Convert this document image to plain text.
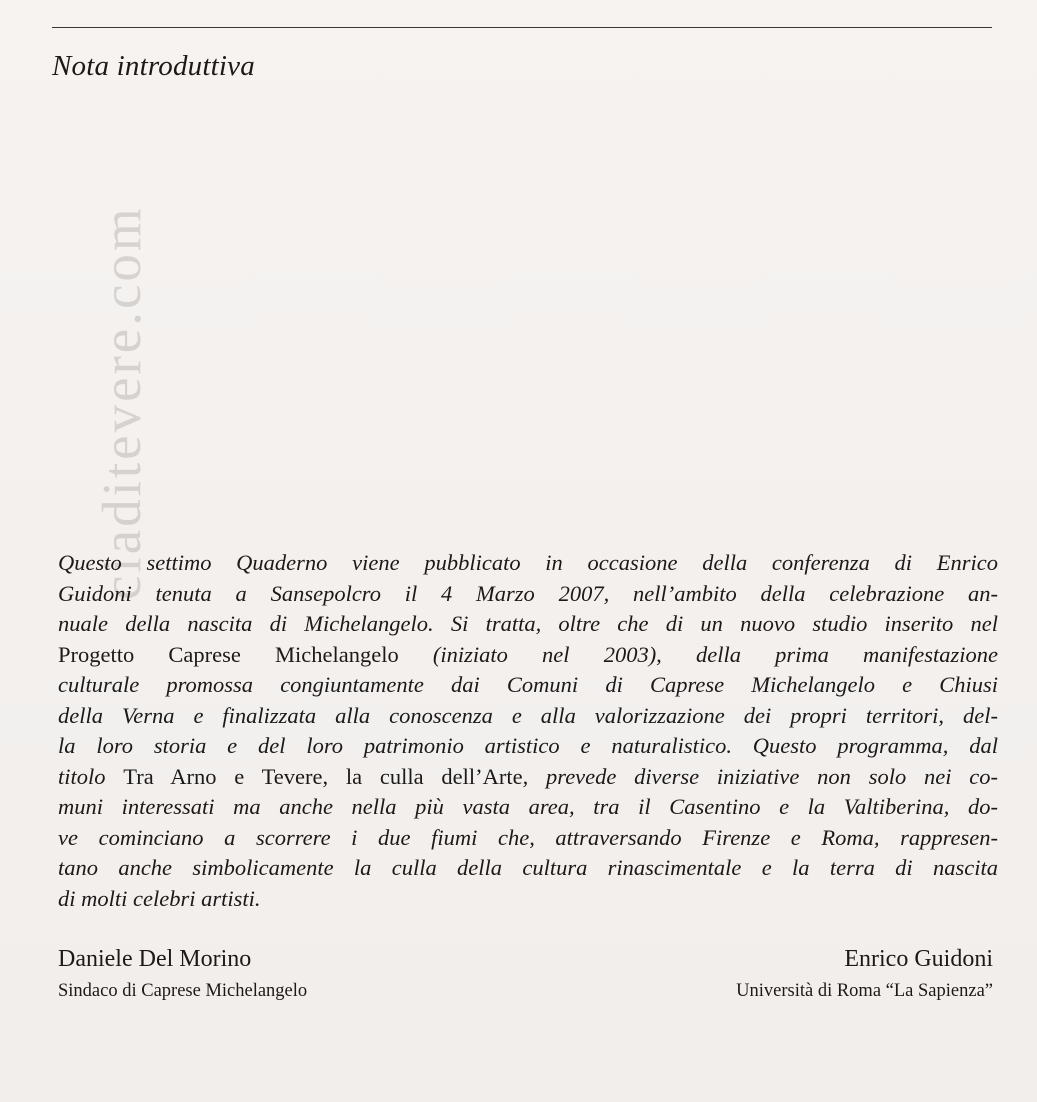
Nota introduttiva
ciaditevere.com
Questo settimo Quaderno viene pubblicato in occasione della conferenza di Enrico
Guidoni tenuta a Sansepolcro il 4 Marzo 2007, nell’ambito della celebrazione an-
nuale della nascita di Michelangelo. Si tratta, oltre che di un nuovo studio inserito nel
Progetto Caprese Michelangelo (iniziato nel 2003), della prima manifestazione
culturale promossa congiuntamente dai Comuni di Caprese Michelangelo e Chiusi
della Verna e finalizzata alla conoscenza e alla valorizzazione dei propri territori, del-
la loro storia e del loro patrimonio artistico e naturalistico. Questo programma, dal
titolo Tra Arno e Tevere, la culla dell’Arte, prevede diverse iniziative non solo nei co-
muni interessati ma anche nella più vasta area, tra il Casentino e la Valtiberina, do-
ve cominciano a scorrere i due fiumi che, attraversando Firenze e Roma, rappresen-
tano anche simbolicamente la culla della cultura rinascimentale e la terra di nascita
di molti celebri artisti.
Daniele Del Morino
Sindaco di Caprese Michelangelo
Enrico Guidoni
Università di Roma “La Sapienza”
